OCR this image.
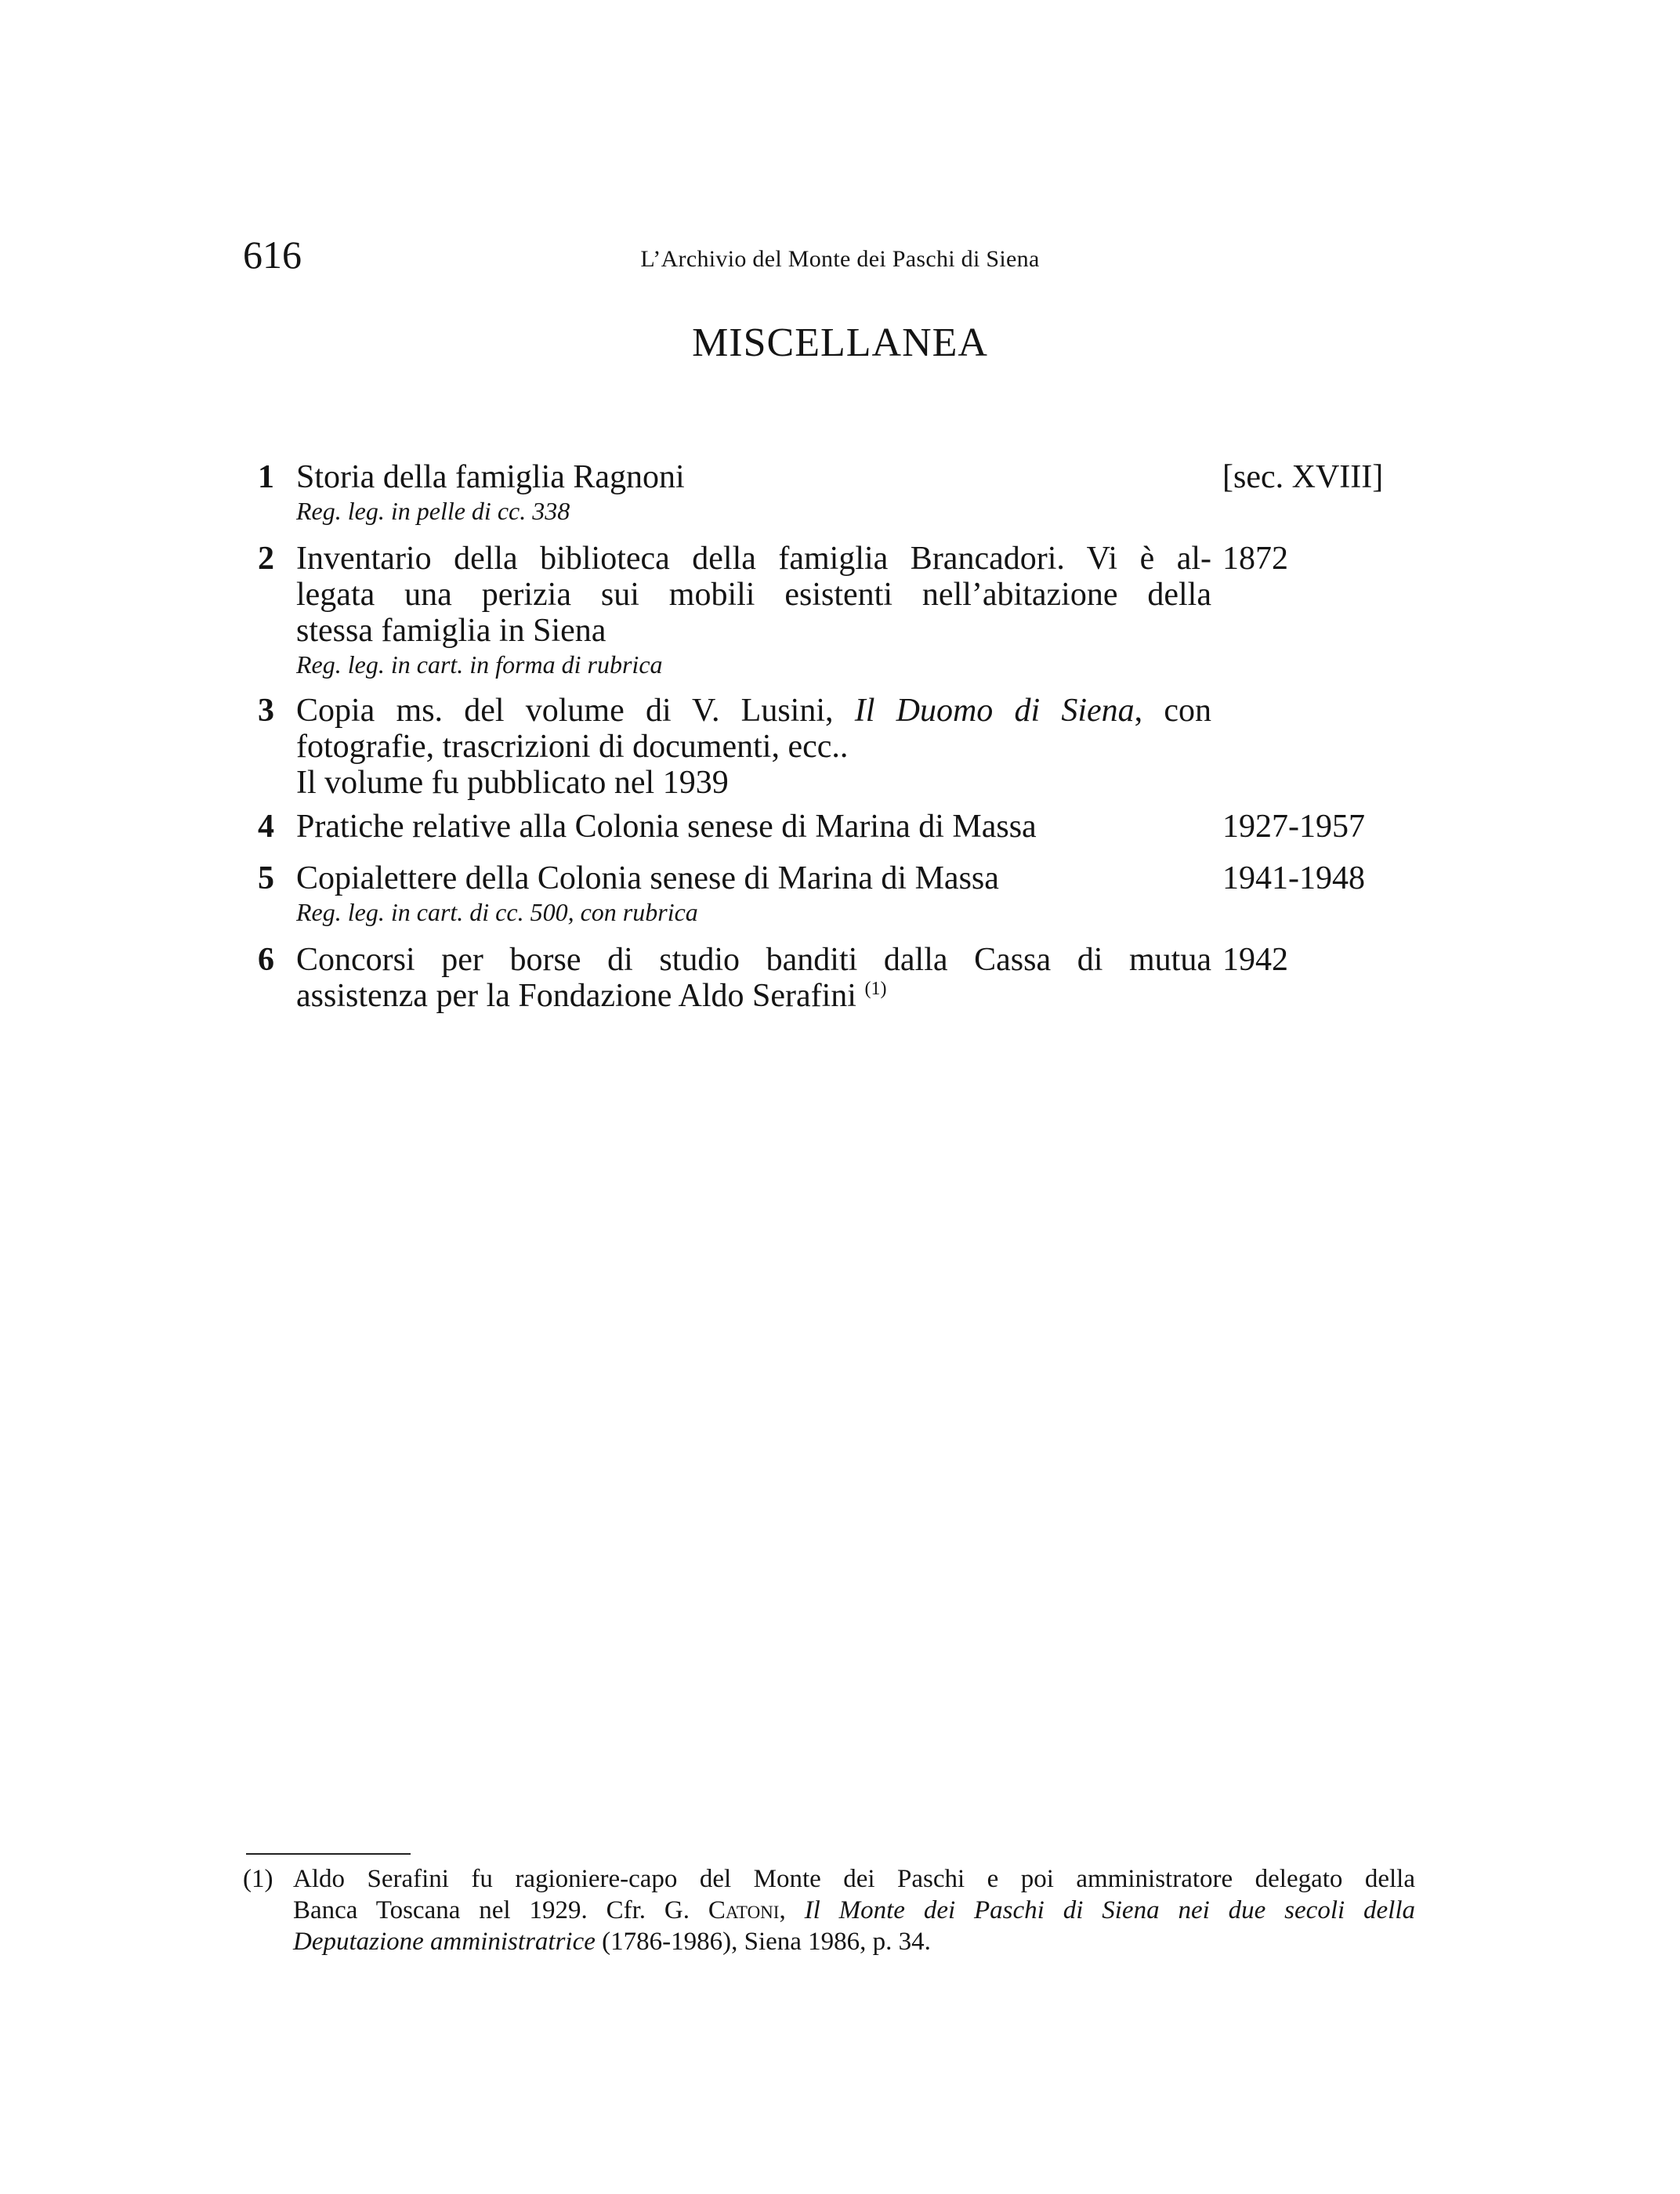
616	L’Archivio del Monte dei Paschi di Siena
MISCELLANEA
1 Storia della famiglia Ragnoni
Reg. leg. in pelle di cc. 338
[sec. XVIII]
2 Inventario della biblioteca della famiglia Brancadori. Vi è al-
legata una perizia sui mobili esistenti nell’abitazione della
stessa famiglia in Siena
Reg. leg. in cart. in forma di rubrica
1872
3 Copia ms. del volume di V. Lusini, Il Duomo di Siena, con
fotografie, trascrizioni di documenti, ecc..
Il volume fu pubblicato nel 1939
4 Pratiche relative alla Colonia senese di Marina di Massa	1927-1957
5 Copialettere della Colonia senese di Marina di Massa
Reg. leg. in cart. di cc. 500, con rubrica
1941-1948
6 Concorsi per borse di studio banditi dalla Cassa di mutua
assistenza per la Fondazione Aldo Serafini $^{(1)}$
1942
(1) Aldo Serafini fu ragioniere-capo del Monte dei Paschi e poi amministratore delegato della
Banca Toscana nel 1929. Cfr. G. Catoni, Il Monte dei Paschi di Siena nei due secoli della
Deputazione amministratrice (1786-1986), Siena 1986, p. 34.
